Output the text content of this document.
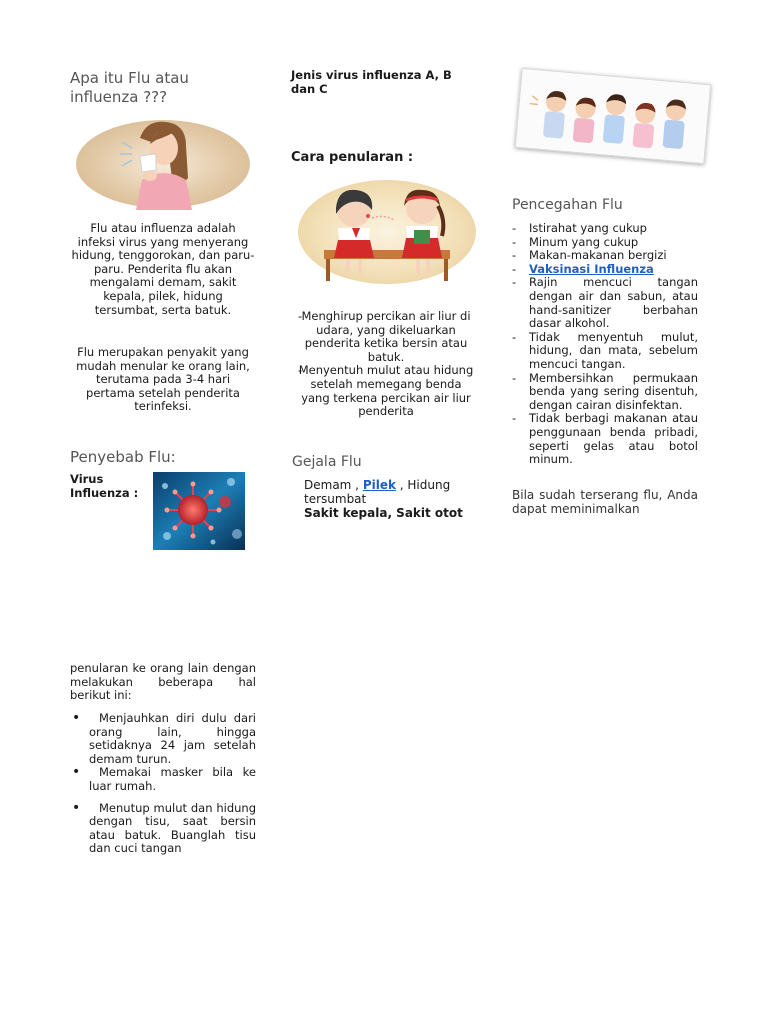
Apa itu Flu atau influenza ???
Flu atau influenza adalah infeksi virus yang menyerang hidung, tenggorokan, dan paru-paru. Penderita flu akan mengalami demam, sakit kepala, pilek, hidung tersumbat, serta batuk.
Flu merupakan penyakit yang mudah menular ke orang lain, terutama pada 3-4 hari pertama setelah penderita terinfeksi.
Penyebab Flu:
Virus Influenza :
penularan ke orang lain dengan melakukan beberapa hal berikut ini:
• Menjauhkan diri dulu dari orang lain, hingga setidaknya 24 jam setelah demam turun.
• Memakai masker bila ke luar rumah.
• Menutup mulut dan hidung dengan tisu, saat bersin atau batuk. Buanglah tisu dan cuci tangan
Jenis virus influenza A, B dan C
Cara penularan :
- Menghirup percikan air liur di udara, yang dikeluarkan penderita ketika bersin atau batuk.
- Menyentuh mulut atau hidung setelah memegang benda yang terkena percikan air liur penderita
Gejala Flu
Demam , Pilek , Hidung tersumbat
Sakit kepala, Sakit otot
Pencegahan Flu
- Istirahat yang cukup
- Minum yang cukup
- Makan-makanan bergizi
- Vaksinasi Influenza
- Rajin mencuci tangan dengan air dan sabun, atau hand-sanitizer berbahan dasar alkohol.
- Tidak menyentuh mulut, hidung, dan mata, sebelum mencuci tangan.
- Membersihkan permukaan benda yang sering disentuh, dengan cairan disinfektan.
- Tidak berbagi makanan atau penggunaan benda pribadi, seperti gelas atau botol minum.
Bila sudah terserang flu, Anda dapat meminimalkan
